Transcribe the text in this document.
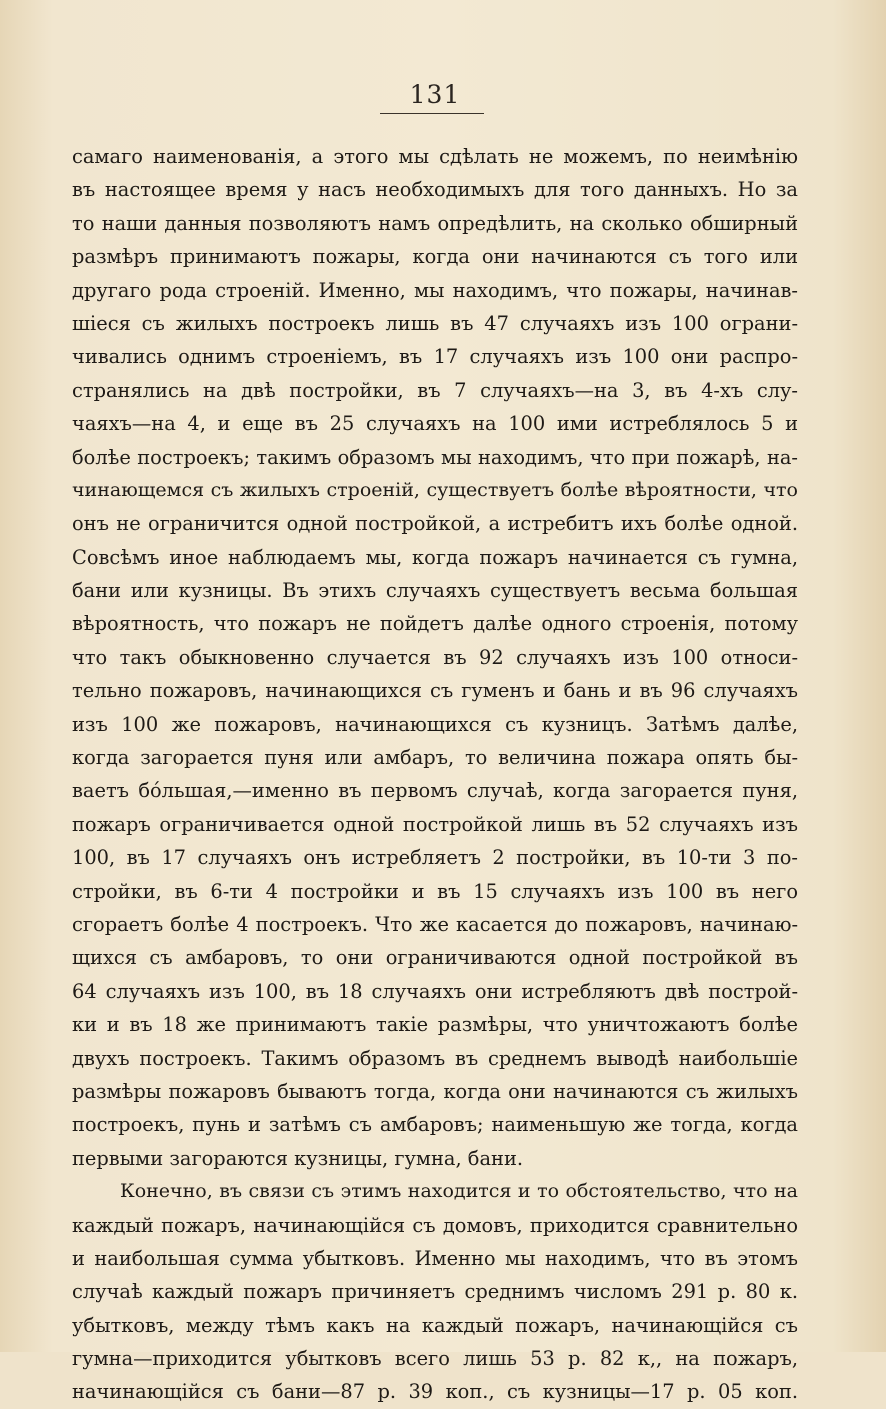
131
самаго наименованія, а этого мы сдѣлать не можемъ, по неимѣнію
въ настоящее время у насъ необходимыхъ для того данныхъ. Но за
то наши данныя позволяютъ намъ опредѣлить, на сколько обширный
размѣръ принимаютъ пожары, когда они начинаются съ того или
другаго рода строеній. Именно, мы находимъ, что пожары, начинав-
шіеся съ жилыхъ построекъ лишь въ 47 случаяхъ изъ 100 ограни-
чивались однимъ строеніемъ, въ 17 случаяхъ изъ 100 они распро-
странялись на двѣ постройки, въ 7 случаяхъ—на 3, въ 4-хъ слу-
чаяхъ—на 4, и еще въ 25 случаяхъ на 100 ими истреблялось 5 и
болѣе построекъ; такимъ образомъ мы находимъ, что при пожарѣ, на-
чинающемся съ жилыхъ строеній, существуетъ болѣе вѣроятности, что
онъ не ограничится одной постройкой, а истребитъ ихъ болѣе одной.
Совсѣмъ иное наблюдаемъ мы, когда пожаръ начинается съ гумна,
бани или кузницы. Въ этихъ случаяхъ существуетъ весьма большая
вѣроятность, что пожаръ не пойдетъ далѣе одного строенія, потому
что такъ обыкновенно случается въ 92 случаяхъ изъ 100 относи-
тельно пожаровъ, начинающихся съ гуменъ и бань и въ 96 случаяхъ
изъ 100 же пожаровъ, начинающихся съ кузницъ. Затѣмъ далѣе,
когда загорается пуня или амбаръ, то величина пожара опять бы-
ваетъ бóльшая,—именно въ первомъ случаѣ, когда загорается пуня,
пожаръ ограничивается одной постройкой лишь въ 52 случаяхъ изъ
100, въ 17 случаяхъ онъ истребляетъ 2 постройки, въ 10-ти 3 по-
стройки, въ 6-ти 4 постройки и въ 15 случаяхъ изъ 100 въ него
сгораетъ болѣе 4 построекъ. Что же касается до пожаровъ, начинаю-
щихся съ амбаровъ, то они ограничиваются одной постройкой въ
64 случаяхъ изъ 100, въ 18 случаяхъ они истребляютъ двѣ построй-
ки и въ 18 же принимаютъ такіе размѣры, что уничтожаютъ болѣе
двухъ построекъ. Такимъ образомъ въ среднемъ выводѣ наибольшіе
размѣры пожаровъ бываютъ тогда, когда они начинаются съ жилыхъ
построекъ, пунь и затѣмъ съ амбаровъ; наименьшую же тогда, когда
первыми загораются кузницы, гумна, бани.
Конечно, въ связи съ этимъ находится и то обстоятельство, что на
каждый пожаръ, начинающійся съ домовъ, приходится сравнительно
и наибольшая сумма убытковъ. Именно мы находимъ, что въ этомъ
случаѣ каждый пожаръ причиняетъ среднимъ числомъ 291 р. 80 к.
убытковъ, между тѣмъ какъ на каждый пожаръ, начинающійся съ
гумна—приходится убытковъ всего лишь 53 р. 82 к,, на пожаръ,
начинающійся съ бани—87 р. 39 коп., съ кузницы—17 р. 05 коп.
